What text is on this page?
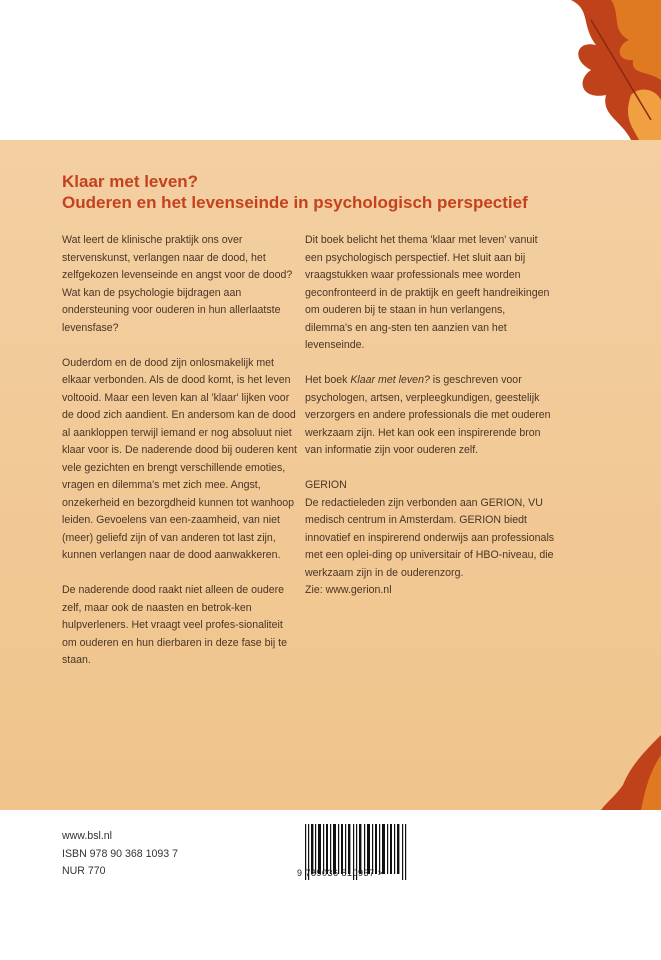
Klaar met leven?
Ouderen en het levenseinde in psychologisch perspectief

Wat leert de klinische praktijk ons over stervenskunst, verlangen naar de dood, het zelfgekozen levenseinde en angst voor de dood? Wat kan de psychologie bijdragen aan ondersteuning voor ouderen in hun allerlaatste levensfase?

Ouderdom en de dood zijn onlosmakelijk met elkaar verbonden. Als de dood komt, is het leven voltooid. Maar een leven kan al 'klaar' lijken voor de dood zich aandient. En andersom kan de dood al aankloppen terwijl iemand er nog absoluut niet klaar voor is. De naderende dood bij ouderen kent vele gezichten en brengt verschillende emoties, vragen en dilemma's met zich mee. Angst, onzekerheid en bezorgdheid kunnen tot wanhoop leiden. Gevoelens van een-zaamheid, van niet (meer) geliefd zijn of van anderen tot last zijn, kunnen verlangen naar de dood aanwakkeren.

De naderende dood raakt niet alleen de oudere zelf, maar ook de naasten en betrok-ken hulpverleners. Het vraagt veel profes-sionaliteit om ouderen en hun dierbaren in deze fase bij te staan.

Dit boek belicht het thema 'klaar met leven' vanuit een psychologisch perspectief. Het sluit aan bij vraagstukken waar professionals mee worden geconfronteerd in de praktijk en geeft handreikingen om ouderen bij te staan in hun verlangens, dilemma's en ang-sten ten aanzien van het levenseinde.

Het boek Klaar met leven? is geschreven voor psychologen, artsen, verpleegkundigen, geestelijk verzorgers en andere professionals die met ouderen werkzaam zijn. Het kan ook een inspirerende bron van informatie zijn voor ouderen zelf.

GERION

De redactieleden zijn verbonden aan GERION, VU medisch centrum in Amsterdam. GERION biedt innovatief en inspirerend onderwijs aan professionals met een oplei-ding op universitair of HBO-niveau, die werkzaam zijn in de ouderenzorg.

Zie: www.gerion.nl

www.bsl.nl
ISBN 978 90 368 1093 7
NUR 770	9 789036 810937 >
